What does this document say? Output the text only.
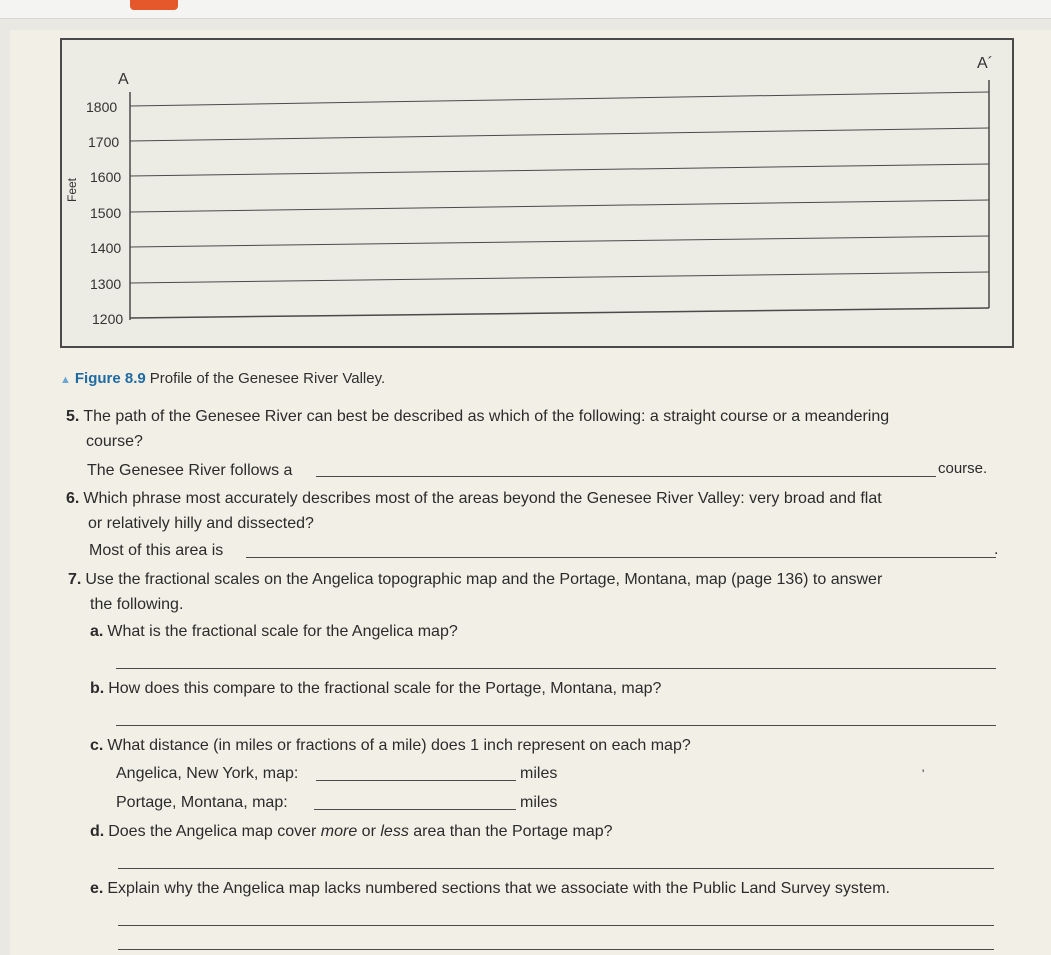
A
A´
Feet
1800
1700
1600
1500
1400
1300
1200
▲ Figure 8.9 Profile of the Genesee River Valley.
5. The path of the Genesee River can best be described as which of the following: a straight course or a meandering
course?
The Genesee River follows a	course.
6. Which phrase most accurately describes most of the areas beyond the Genesee River Valley: very broad and flat
or relatively hilly and dissected?
Most of this area is	.
7. Use the fractional scales on the Angelica topographic map and the Portage, Montana, map (page 136) to answer
the following.
a. What is the fractional scale for the Angelica map?
b. How does this compare to the fractional scale for the Portage, Montana, map?
c. What distance (in miles or fractions of a mile) does 1 inch represent on each map?
Angelica, New York, map:	miles	'
Portage, Montana, map:	miles
d. Does the Angelica map cover more or less area than the Portage map?
e. Explain why the Angelica map lacks numbered sections that we associate with the Public Land Survey system.
